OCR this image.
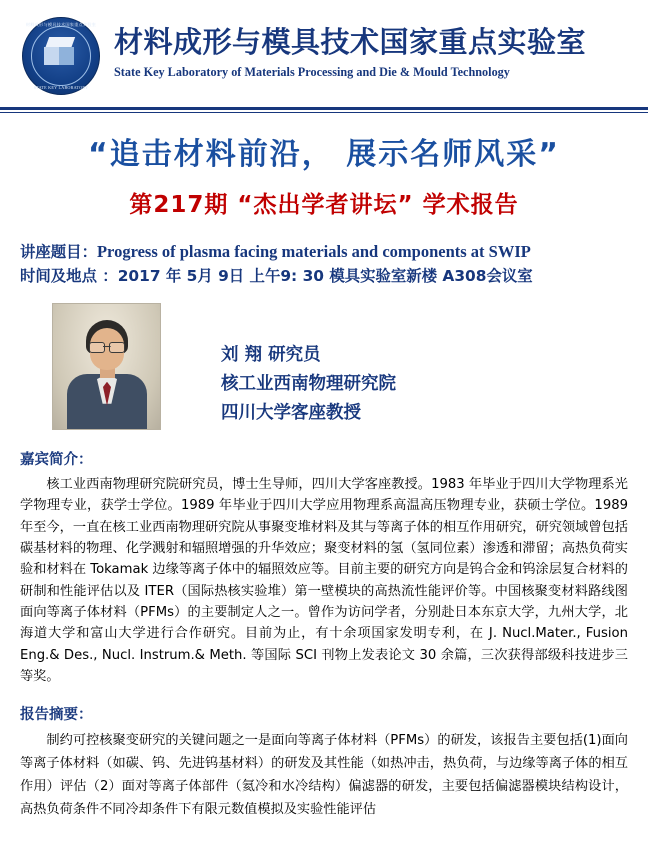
材料成形与模具技术国家重点实验室
STATE KEY LABORATORY
材料成形与模具技术国家重点实验室
State Key Laboratory of Materials Processing and Die & Mould Technology
“追击材料前沿， 展示名师风采”
第217期 “杰出学者讲坛” 学术报告
讲座题目：Progress of plasma facing materials and components at SWIP
时间及地点 ：2017 年 5月 9日 上午9: 30 模具实验室新楼 A308会议室
刘 翔 研究员
核工业西南物理研究院
四川大学客座教授
嘉宾简介：
核工业西南物理研究院研究员，博士生导师，四川大学客座教授。1983 年毕业于四川大学物理系光学物理专业，获学士学位。1989 年毕业于四川大学应用物理系高温高压物理专业，获硕士学位。1989 年至今，一直在核工业西南物理研究院从事聚变堆材料及其与等离子体的相互作用研究，研究领域曾包括碳基材料的物理、化学溅射和辐照增强的升华效应；聚变材料的氢（氢同位素）渗透和滞留；高热负荷实验和材料在 Tokamak 边缘等离子体中的辐照效应等。目前主要的研究方向是钨合金和钨涂层复合材料的研制和性能评估以及 ITER（国际热核实验堆）第一壁模块的高热流性能评价等。中国核聚变材料路线图面向等离子体材料（PFMs）的主要制定人之一。曾作为访问学者，分别赴日本东京大学，九州大学，北海道大学和富山大学进行合作研究。目前为止，有十余项国家发明专利，在 J. Nucl.Mater., Fusion Eng.& Des., Nucl. Instrum.& Meth. 等国际 SCI 刊物上发表论文 30 余篇，三次获得部级科技进步三等奖。
报告摘要：
制约可控核聚变研究的关键问题之一是面向等离子体材料（PFMs）的研发，该报告主要包括(1)面向等离子体材料（如碳、钨、先进钨基材料）的研发及其性能（如热冲击，热负荷，与边缘等离子体的相互作用）评估（2）面对等离子体部件（氦冷和水冷结构）偏滤器的研发，主要包括偏滤器模块结构设计，高热负荷条件不同冷却条件下有限元数值模拟及实验性能评估
